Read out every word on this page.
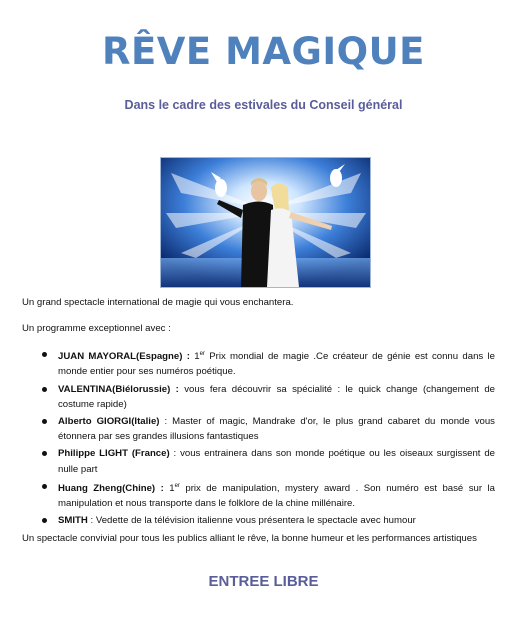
RÊVE MAGIQUE
Dans le cadre des estivales du Conseil général
Un grand spectacle international de magie qui vous enchantera.
Un programme exceptionnel avec :
JUAN MAYORAL(Espagne) : 1er Prix mondial de magie .Ce créateur de génie est connu dans le monde entier pour ses numéros poétique.
VALENTINA(Biélorussie) : vous fera découvrir sa spécialité : le quick change (changement de costume rapide)
Alberto GIORGI(Italie) : Master of magic, Mandrake d'or, le plus grand cabaret du monde vous étonnera par ses grandes illusions fantastiques
Philippe LIGHT (France) : vous entrainera dans son monde poétique ou les oiseaux surgissent de nulle part
Huang Zheng(Chine) : 1er prix de manipulation, mystery award . Son numéro est basé sur la manipulation et nous transporte dans le folklore de la chine millénaire.
SMITH : Vedette de la télévision italienne vous présentera le spectacle avec humour
Un spectacle convivial pour tous les publics alliant le rêve, la bonne humeur et les performances artistiques
ENTREE LIBRE
